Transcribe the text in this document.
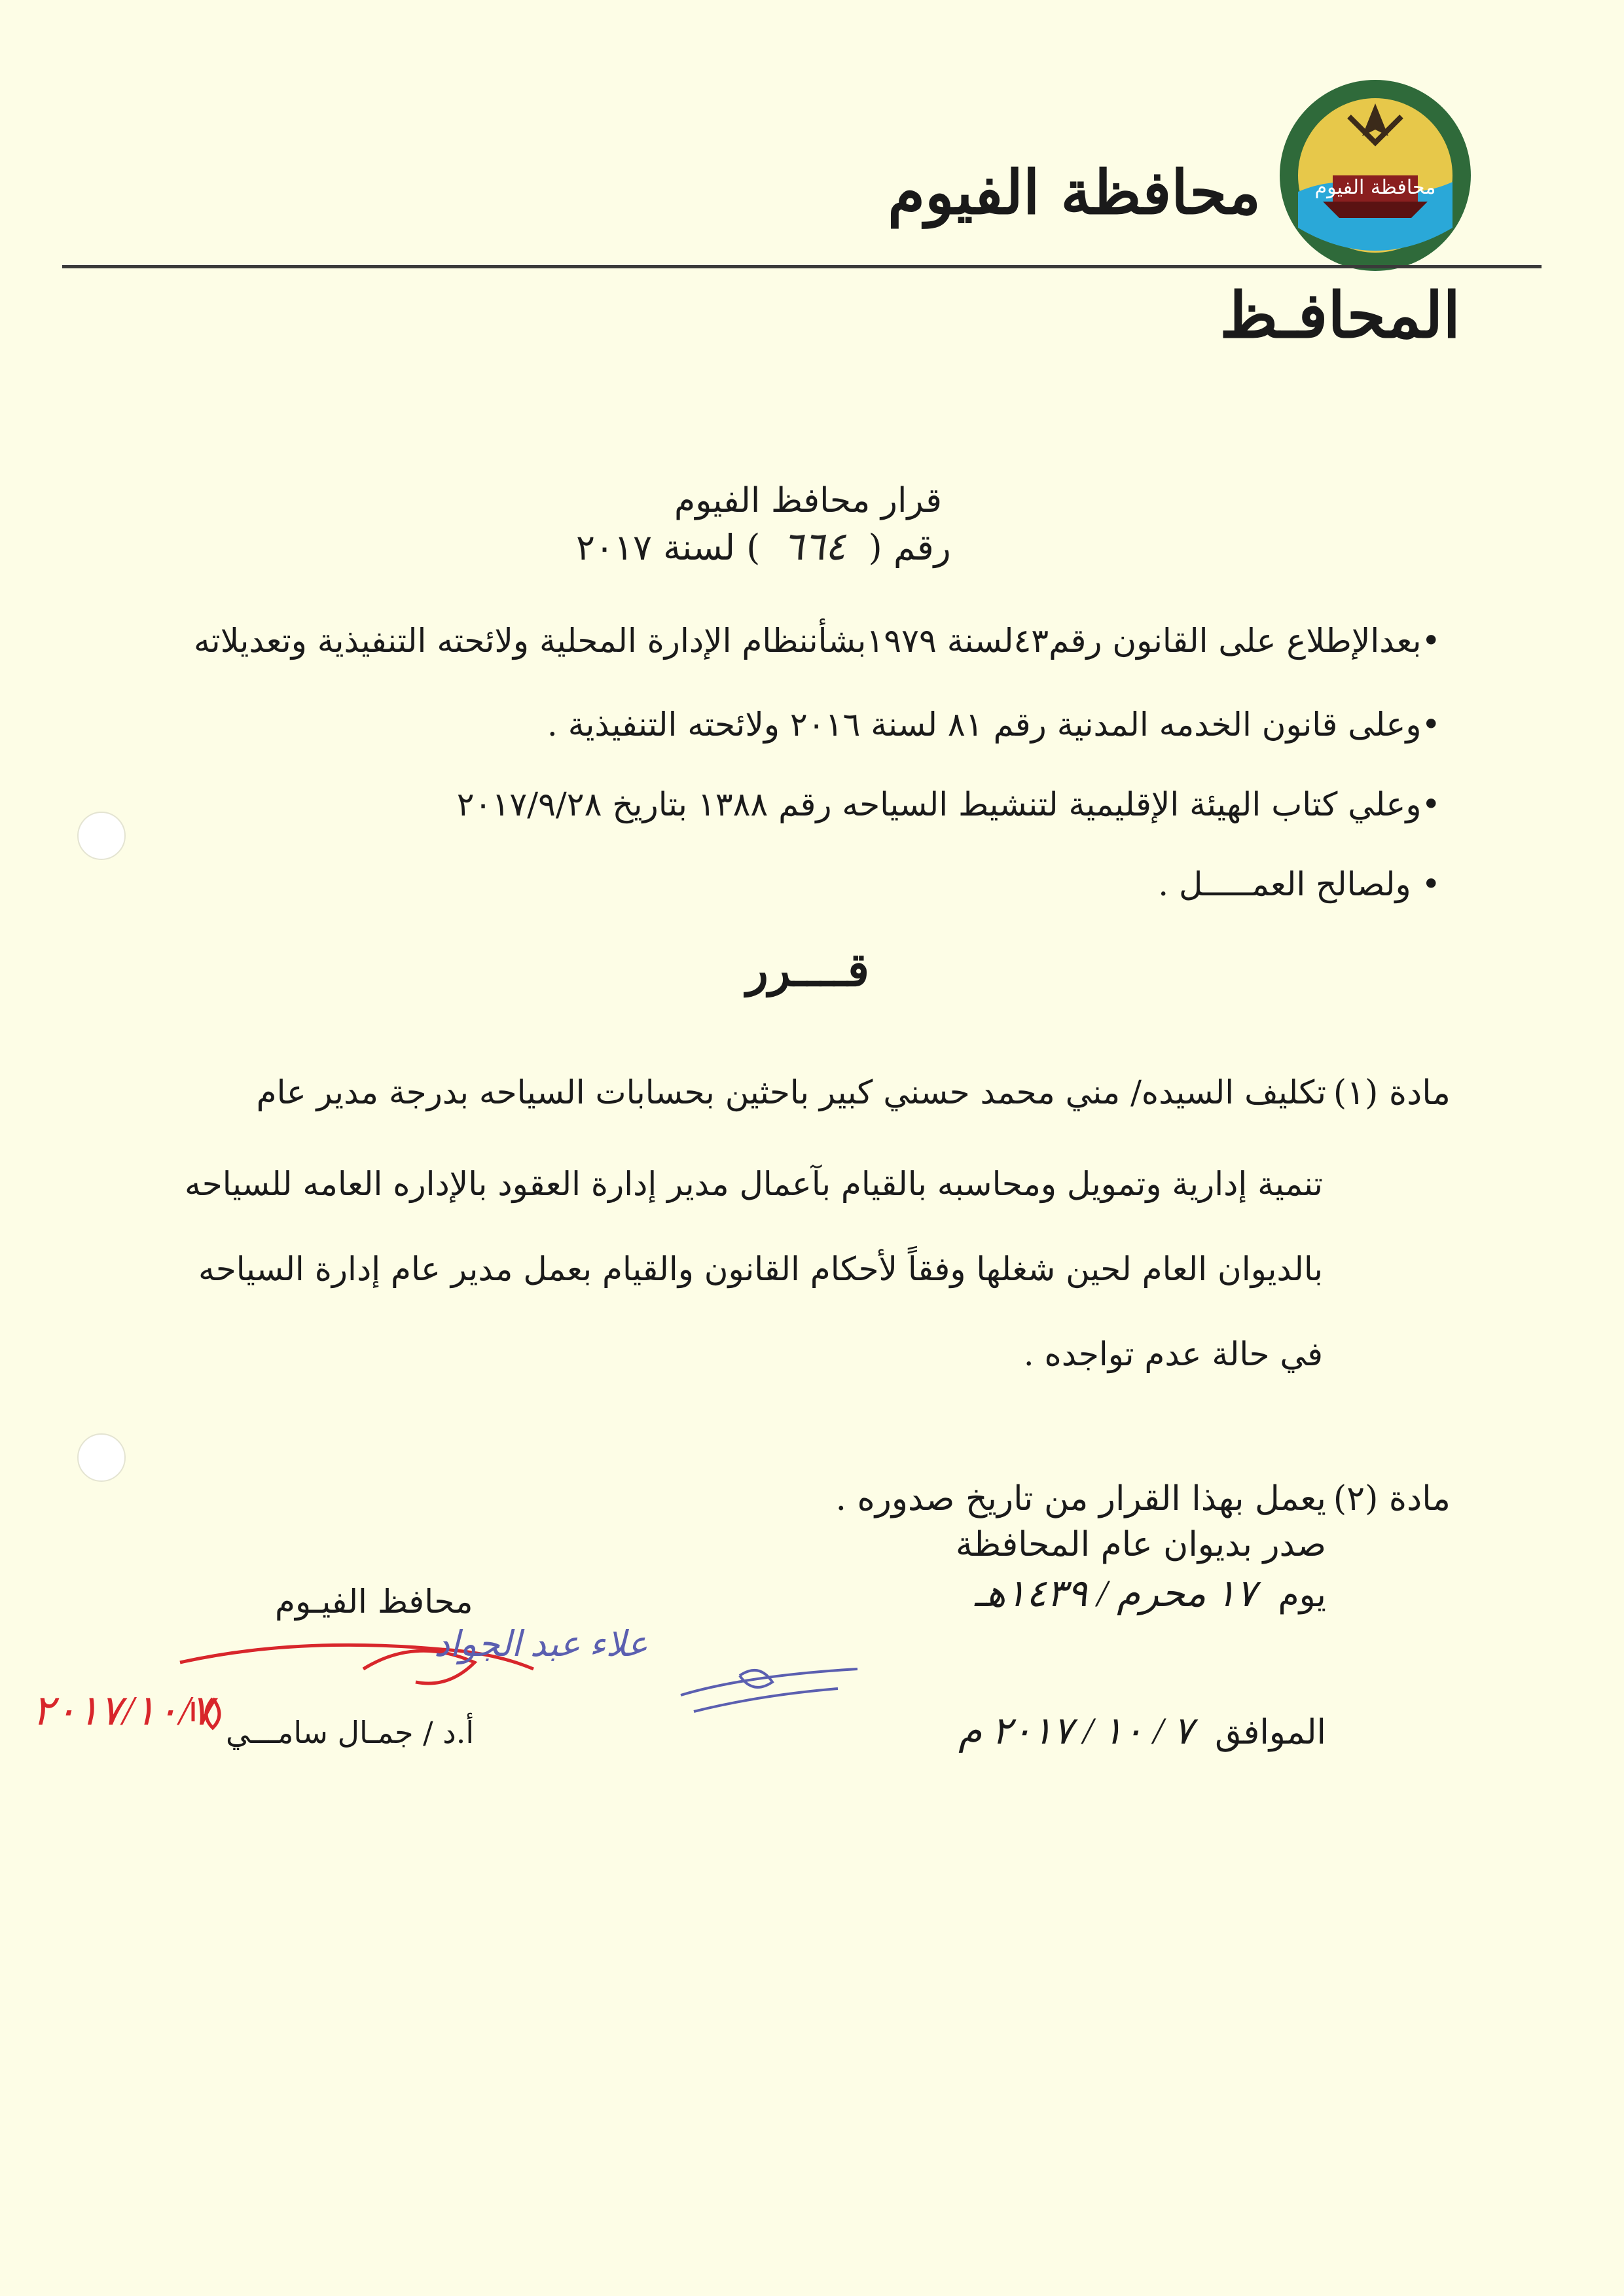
محافظة الفيوم
محافظة الفيوم
المحافـظ
قرار محافظ الفيوم
رقم (  ٦٦٤  ) لسنة ٢٠١٧
•بعدالإطلاع على القانون رقم٤٣لسنة ١٩٧٩بشأننظام الإدارة المحلية ولائحته التنفيذية وتعديلاته
•وعلى قانون الخدمه المدنية رقم ٨١ لسنة ٢٠١٦ ولائحته التنفيذية .
•وعلي كتاب الهيئة الإقليمية لتنشيط السياحه رقم ١٣٨٨ بتاريخ ٢٠١٧/٩/٢٨
• ولصالح العمـــــل .
قــــرر
مادة (١)
تكليف السيده/ مني محمد حسني كبير باحثين بحسابات السياحه بدرجة مدير عام
تنمية إدارية وتمويل ومحاسبه بالقيام بآعمال مدير إدارة العقود بالإداره العامه للسياحه
بالديوان العام لحين شغلها وفقاً لأحكام القانون والقيام بعمل مدير عام إدارة السياحه
في حالة عدم تواجده .
مادة (٢)
يعمل بهذا القرار من تاريخ صدوره .
صدر بديوان عام المحافظة
يوم  ١٧ محرم / ١٤٣٩هـ
الموافق  ٧ / ١٠ / ٢٠١٧ م
محافظ الفيـوم
٢٠١٧/١٠/٧ أ.د / جمـال سامـــي
علاء عبد الجواد
